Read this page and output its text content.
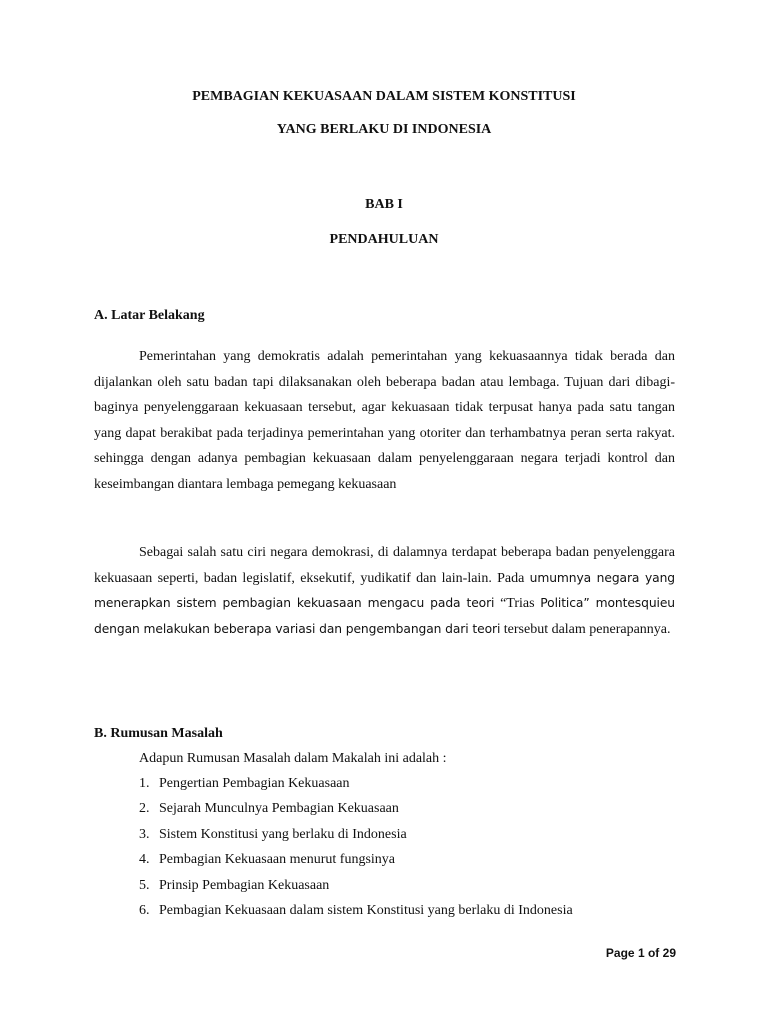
PEMBAGIAN KEKUASAAN DALAM SISTEM KONSTITUSI
YANG BERLAKU DI INDONESIA
BAB I
PENDAHULUAN
A. Latar Belakang

Pemerintahan yang demokratis adalah pemerintahan yang kekuasaannya tidak berada dan dijalankan oleh satu badan tapi dilaksanakan oleh beberapa badan atau lembaga. Tujuan dari dibagi-baginya penyelenggaraan kekuasaan tersebut, agar kekuasaan tidak terpusat hanya pada satu tangan yang dapat berakibat pada terjadinya pemerintahan yang otoriter dan terhambatnya peran serta rakyat. sehingga dengan adanya pembagian kekuasaan dalam penyelenggaraan negara terjadi kontrol dan keseimbangan diantara lembaga pemegang kekuasaan

Sebagai salah satu ciri negara demokrasi, di dalamnya terdapat beberapa badan penyelenggara kekuasaan seperti, badan legislatif, eksekutif, yudikatif dan lain-lain. Pada umumnya negara yang menerapkan sistem pembagian kekuasaan mengacu pada teori “Trias Politica” montesquieu dengan melakukan beberapa variasi dan pengembangan dari teori tersebut dalam penerapannya.

B. Rumusan Masalah
Adapun Rumusan Masalah dalam Makalah ini adalah :
1. Pengertian Pembagian Kekuasaan
2. Sejarah Munculnya Pembagian Kekuasaan
3. Sistem Konstitusi yang berlaku di Indonesia
4. Pembagian Kekuasaan menurut fungsinya
5. Prinsip Pembagian Kekuasaan
6. Pembagian Kekuasaan dalam sistem Konstitusi yang berlaku di Indonesia
Page 1 of 29
